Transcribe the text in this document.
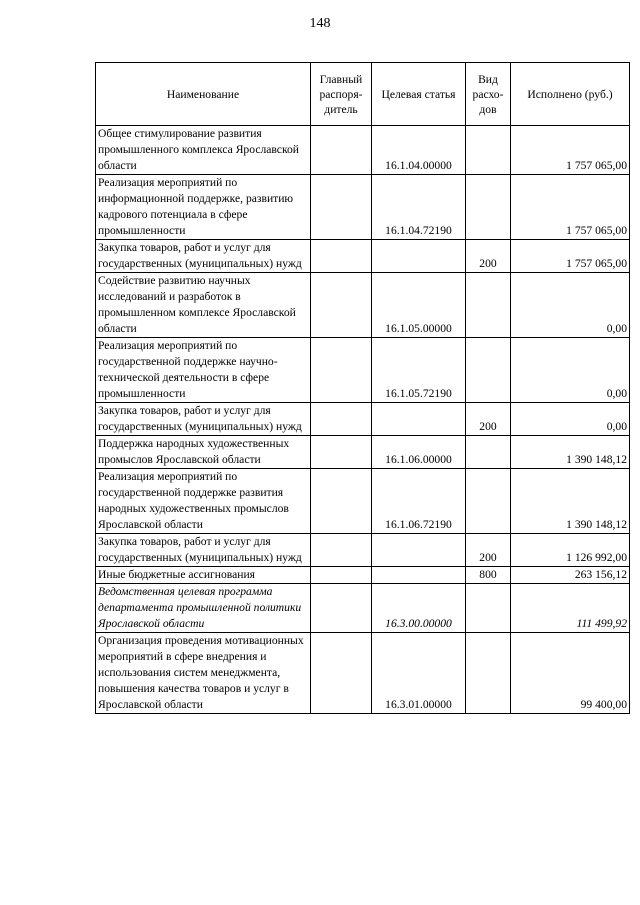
148
Наименование	Главный распоря-дитель	Целевая статья	Вид расхо-дов	Исполнено (руб.)
Общее стимулирование развития промышленного комплекса Ярославской области		16.1.04.00000		1 757 065,00
Реализация мероприятий по информационной поддержке, развитию кадрового потенциала в сфере промышленности		16.1.04.72190		1 757 065,00
Закупка товаров, работ и услуг для государственных (муниципальных) нужд			200	1 757 065,00
Содействие развитию научных исследований и разработок в промышленном комплексе Ярославской области		16.1.05.00000		0,00
Реализация мероприятий по государственной поддержке научно-технической деятельности в сфере промышленности		16.1.05.72190		0,00
Закупка товаров, работ и услуг для государственных (муниципальных) нужд			200	0,00
Поддержка народных художественных промыслов Ярославской области		16.1.06.00000		1 390 148,12
Реализация мероприятий по государственной поддержке развития народных художественных промыслов Ярославской области		16.1.06.72190		1 390 148,12
Закупка товаров, работ и услуг для государственных (муниципальных) нужд			200	1 126 992,00
Иные бюджетные ассигнования			800	263 156,12
Ведомственная целевая программа департамента промышленной политики Ярославской области		16.3.00.00000		111 499,92
Организация проведения мотивационных мероприятий в сфере внедрения и использования систем менеджмента, повышения качества товаров и услуг в Ярославской области		16.3.01.00000		99 400,00
